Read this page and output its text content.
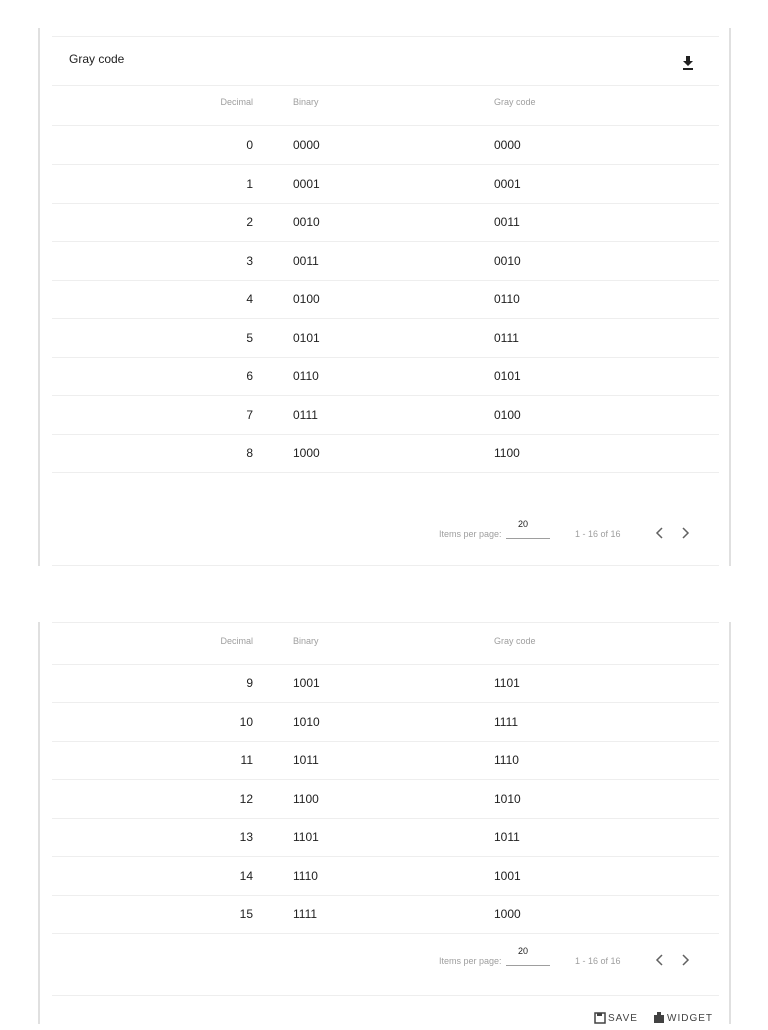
Gray code
Decimal	Binary	Gray code
0	0000	0000
1	0001	0001
2	0010	0011
3	0011	0010
4	0100	0110
5	0101	0111
6	0110	0101
7	0111	0100
8	1000	1100
Items per page:
20
1 - 16 of 16
Decimal	Binary	Gray code
9	1001	1101
10	1010	1111
11	1011	1110
12	1100	1010
13	1101	1011
14	1110	1001
15	1111	1000
Items per page:
20
1 - 16 of 16
SAVE	WIDGET
